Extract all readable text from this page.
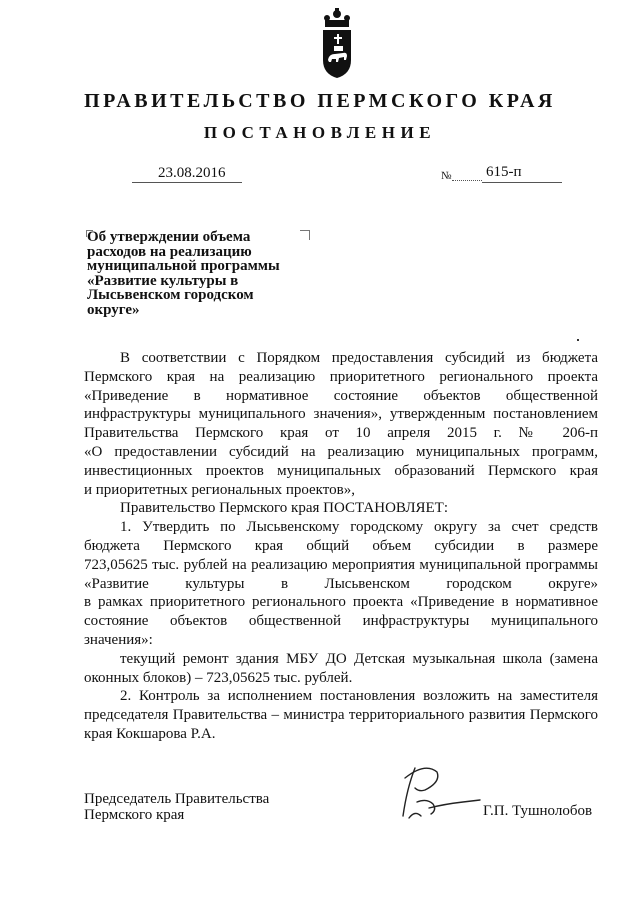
ПРАВИТЕЛЬСТВО ПЕРМСКОГО КРАЯ
ПОСТАНОВЛЕНИЕ
23.08.2016	№ 615-п
Об утверждении объема расходов на реализацию муниципальной программы «Развитие культуры в Лысьвенском городском округе»

В соответствии с Порядком предоставления субсидий из бюджета

Пермского края на реализацию приоритетного регионального проекта

«Приведение в нормативное состояние объектов общественной

инфраструктуры муниципального значения», утвержденным постановлением

Правительства Пермского края от 10 апреля 2015 г. № 206-п

«О предоставлении субсидий на реализацию муниципальных программ,

инвестиционных проектов муниципальных образований Пермского края

и приоритетных региональных проектов»,

Правительство Пермского края ПОСТАНОВЛЯЕТ:

1. Утвердить по Лысьвенскому городскому округу за счет средств

бюджета Пермского края общий объем субсидии в размере

723,05625 тыс. рублей на реализацию мероприятия муниципальной программы

«Развитие культуры в Лысьвенском городском округе»

в рамках приоритетного регионального проекта «Приведение в нормативное

состояние объектов общественной инфраструктуры муниципального

значения»:

текущий ремонт здания МБУ ДО Детская музыкальная школа (замена

оконных блоков) – 723,05625 тыс. рублей.

2. Контроль за исполнением постановления возложить на заместителя

председателя Правительства – министра территориального развития Пермского

края Кокшарова Р.А.

Председатель Правительства
Пермского края	Г.П. Тушнолобов
